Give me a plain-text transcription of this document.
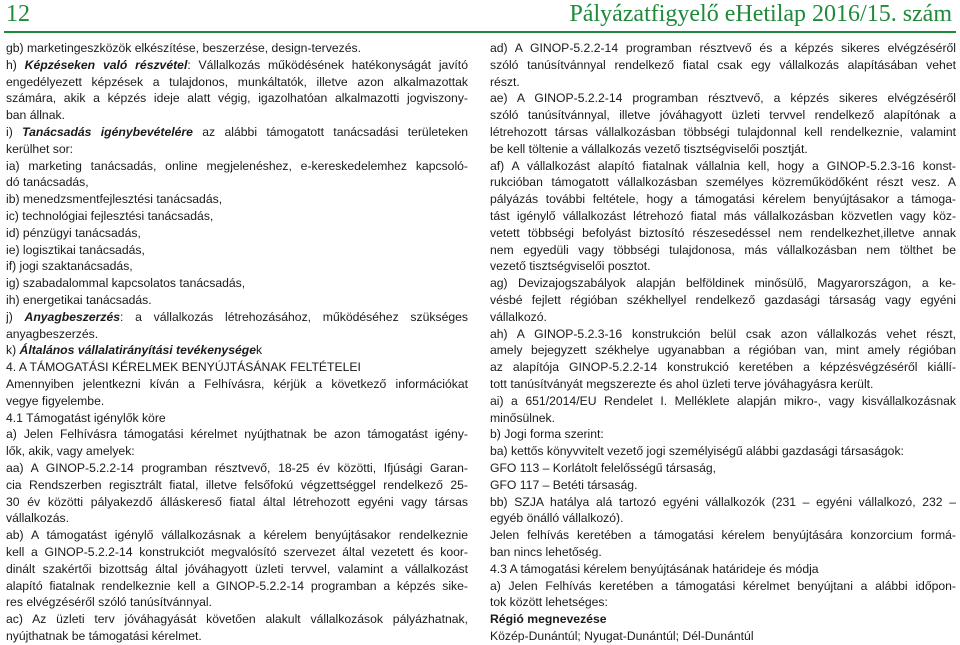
12	Pályázatfigyelő eHetilap 2016/15. szám
gb) marketingeszközök elkészítése, beszerzése, design-tervezés.
h) Képzéseken való részvétel: Vállalkozás működésének hatékonyságát javító
engedélyezett képzések a tulajdonos, munkáltatók, illetve azon alkalmazottak
számára, akik a képzés ideje alatt végig, igazolhatóan alkalmazotti jogviszony-
ban állnak.
i) Tanácsadás igénybevételére az alábbi támogatott tanácsadási területeken
kerülhet sor:
ia) marketing tanácsadás, online megjelenéshez, e-kereskedelemhez kapcsoló-
dó tanácsadás,
ib) menedzsmentfejlesztési tanácsadás,
ic) technológiai fejlesztési tanácsadás,
id) pénzügyi tanácsadás,
ie) logisztikai tanácsadás,
if) jogi szaktanácsadás,
ig) szabadalommal kapcsolatos tanácsadás,
ih) energetikai tanácsadás.
j) Anyagbeszerzés: a vállalkozás létrehozásához, működéséhez szükséges
anyagbeszerzés.
k) Általános vállalatirányítási tevékenységek
4. A TÁMOGATÁSI KÉRELMEK BENYÚJTÁSÁNAK FELTÉTELEI
Amennyiben jelentkezni kíván a Felhívásra, kérjük a következő információkat
vegye figyelembe.
4.1 Támogatást igénylők köre
a) Jelen Felhívásra támogatási kérelmet nyújthatnak be azon támogatást igény-
lők, akik, vagy amelyek:
aa) A GINOP-5.2.2-14 programban résztvevő, 18-25 év közötti, Ifjúsági Garan-
cia Rendszerben regisztrált fiatal, illetve felsőfokú végzettséggel rendelkező 25-
30 év közötti pályakezdő álláskereső fiatal által létrehozott egyéni vagy társas
vállalkozás.
ab) A támogatást igénylő vállalkozásnak a kérelem benyújtásakor rendelkeznie
kell a GINOP-5.2.2-14 konstrukciót megvalósító szervezet által vezetett és koor-
dinált szakértői bizottság által jóváhagyott üzleti tervvel, valamint a vállalkozást
alapító fiatalnak rendelkeznie kell a GINOP-5.2.2-14 programban a képzés sike-
res elvégzéséről szóló tanúsítvánnyal.
ac) Az üzleti terv jóváhagyását követően alakult vállalkozások pályázhatnak,
nyújthatnak be támogatási kérelmet.
ad) A GINOP-5.2.2-14 programban résztvevő és a képzés sikeres elvégzéséről
szóló tanúsítvánnyal rendelkező fiatal csak egy vállalkozás alapításában vehet
részt.
ae) A GINOP-5.2.2-14 programban résztvevő, a képzés sikeres elvégzéséről
szóló tanúsítvánnyal, illetve jóváhagyott üzleti tervvel rendelkező alapítónak a
létrehozott társas vállalkozásban többségi tulajdonnal kell rendelkeznie, valamint
be kell töltenie a vállalkozás vezető tisztségviselői posztját.
af) A vállalkozást alapító fiatalnak vállalnia kell, hogy a GINOP-5.2.3-16 konst-
rukcióban támogatott vállalkozásban személyes közreműködőként részt vesz. A
pályázás további feltétele, hogy a támogatási kérelem benyújtásakor a támoga-
tást igénylő vállalkozást létrehozó fiatal más vállalkozásban közvetlen vagy köz-
vetett többségi befolyást biztosító részesedéssel nem rendelkezhet,illetve annak
nem egyedüli vagy többségi tulajdonosa, más vállalkozásban nem tölthet be
vezető tisztségviselői posztot.
ag) Devizajogszabályok alapján belföldinek minősülő, Magyarországon, a ke-
vésbé fejlett régióban székhellyel rendelkező gazdasági társaság vagy egyéni
vállalkozó.
ah) A GINOP-5.2.3-16 konstrukción belül csak azon vállalkozás vehet részt,
amely bejegyzett székhelye ugyanabban a régióban van, mint amely régióban
az alapítója GINOP-5.2.2-14 konstrukció keretében a képzésvégzéséről kiállí-
tott tanúsítványát megszerezte és ahol üzleti terve jóváhagyásra került.
ai) a 651/2014/EU Rendelet I. Melléklete alapján mikro-, vagy kisvállalkozásnak
minősülnek.
b) Jogi forma szerint:
ba) kettős könyvvitelt vezető jogi személyiségű alábbi gazdasági társaságok:
GFO 113 – Korlátolt felelősségű társaság,
GFO 117 – Betéti társaság.
bb) SZJA hatálya alá tartozó egyéni vállalkozók (231 – egyéni vállalkozó, 232 –
egyéb önálló vállalkozó).
Jelen felhívás keretében a támogatási kérelem benyújtására konzorcium formá-
ban nincs lehetőség.
4.3 A támogatási kérelem benyújtásának határideje és módja
a) Jelen Felhívás keretében a támogatási kérelmet benyújtani a alábbi időpon-
tok között lehetséges:
Régió megnevezése
Közép-Dunántúl; Nyugat-Dunántúl; Dél-Dunántúl
